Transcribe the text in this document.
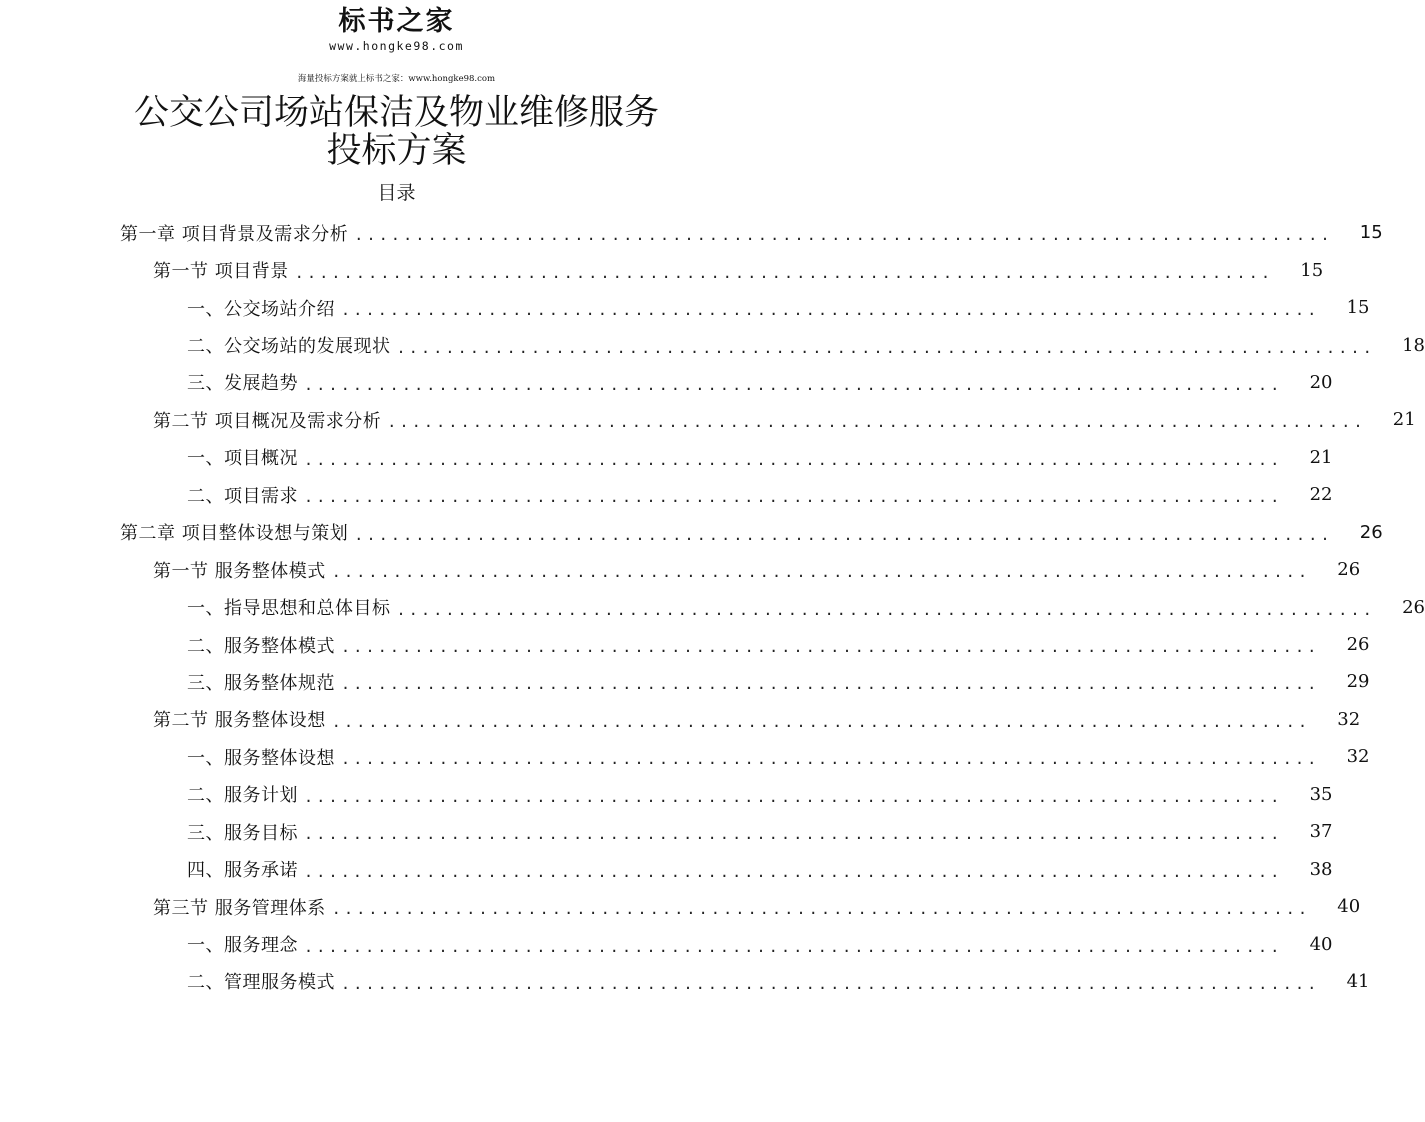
标书之家
www.hongke98.com
海量投标方案就上标书之家：www.hongke98.com
公交公司场站保洁及物业维修服务
投标方案
目录
第一章 项目背景及需求分析 ................................................................................	15
第一节 项目背景 ................................................................................	15
一、公交场站介绍 ................................................................................	15
二、公交场站的发展现状 ................................................................................	18
三、发展趋势 ................................................................................	20
第二节 项目概况及需求分析 ................................................................................	21
一、项目概况 ................................................................................	21
二、项目需求 ................................................................................	22
第二章 项目整体设想与策划 ................................................................................	26
第一节 服务整体模式 ................................................................................	26
一、指导思想和总体目标 ................................................................................	26
二、服务整体模式 ................................................................................	26
三、服务整体规范 ................................................................................	29
第二节 服务整体设想 ................................................................................	32
一、服务整体设想 ................................................................................	32
二、服务计划 ................................................................................	35
三、服务目标 ................................................................................	37
四、服务承诺 ................................................................................	38
第三节 服务管理体系 ................................................................................	40
一、服务理念 ................................................................................	40
二、管理服务模式 ................................................................................	41
